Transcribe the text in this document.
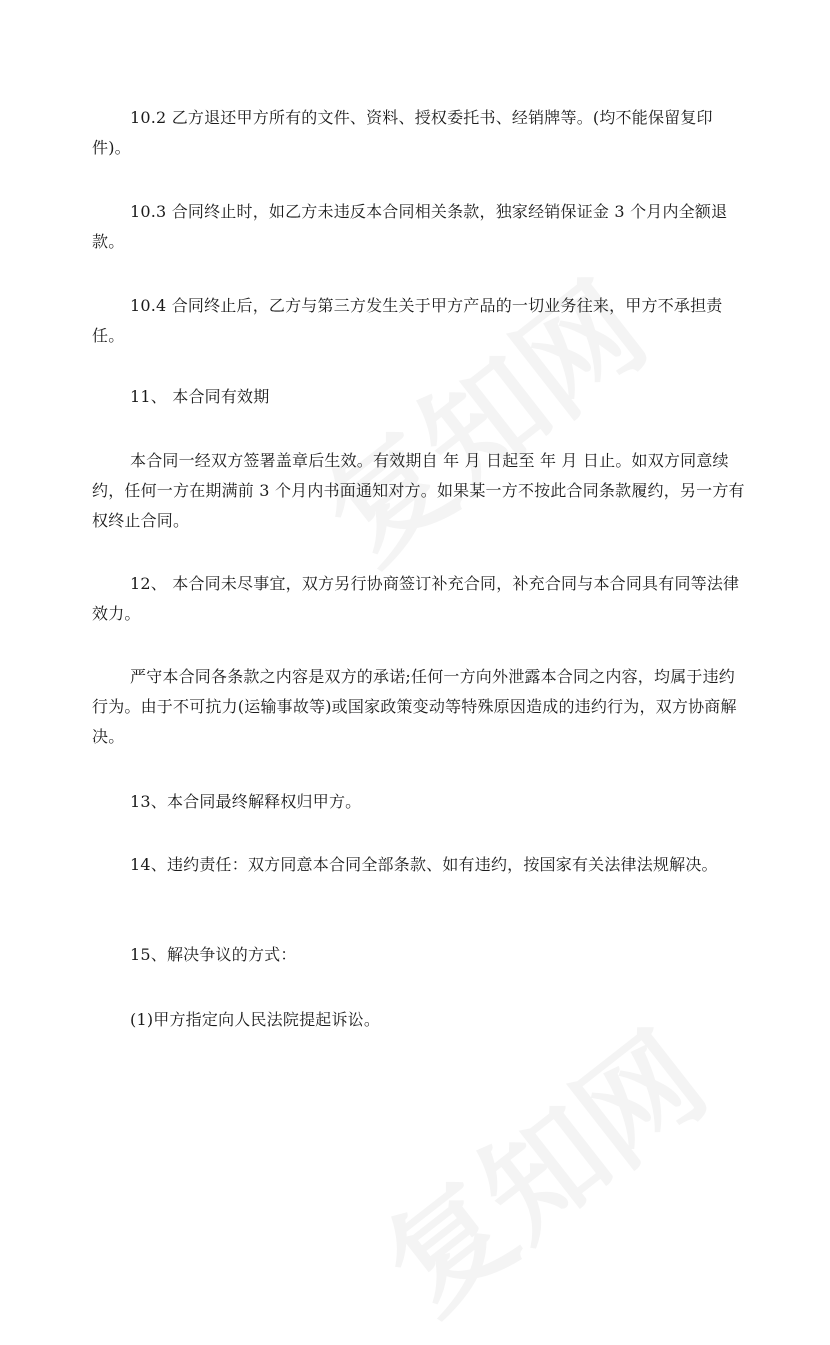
10.2 乙方退还甲方所有的文件、资料、授权委托书、经销牌等。(均不能保留复印件)。

10.3 合同终止时，如乙方未违反本合同相关条款，独家经销保证金 3 个月内全额退款。

10.4 合同终止后，乙方与第三方发生关于甲方产品的一切业务往来，甲方不承担责任。

11、 本合同有效期

本合同一经双方签署盖章后生效。有效期自 年 月 日起至 年 月 日止。如双方同意续约，任何一方在期满前 3 个月内书面通知对方。如果某一方不按此合同条款履约，另一方有权终止合同。

12、 本合同未尽事宜，双方另行协商签订补充合同，补充合同与本合同具有同等法律效力。

严守本合同各条款之内容是双方的承诺;任何一方向外泄露本合同之内容，均属于违约行为。由于不可抗力(运输事故等)或国家政策变动等特殊原因造成的违约行为，双方协商解决。

13、本合同最终解释权归甲方。

14、违约责任：双方同意本合同全部条款、如有违约，按国家有关法律法规解决。

15、解决争议的方式：

(1)甲方指定向人民法院提起诉讼。
